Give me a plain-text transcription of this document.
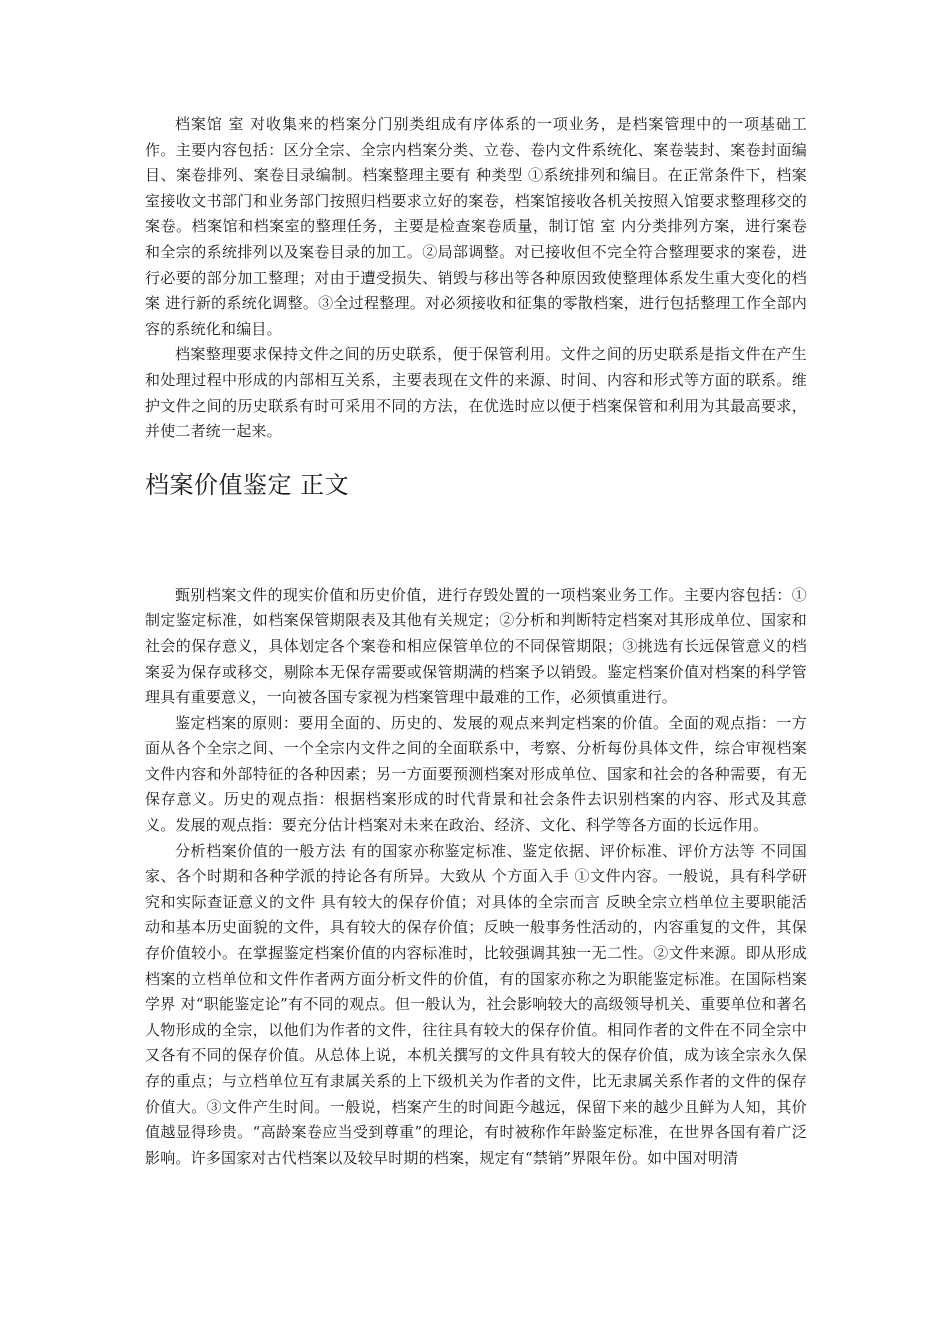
档案馆 室 对收集来的档案分门别类组成有序体系的一项业务，是档案管理中的一项基础工作。主要内容包括：区分全宗、全宗内档案分类、立卷、卷内文件系统化、案卷装封、案卷封面编目、案卷排列、案卷目录编制。档案整理主要有 种类型 ①系统排列和编目。在正常条件下，档案室接收文书部门和业务部门按照归档要求立好的案卷，档案馆接收各机关按照入馆要求整理移交的案卷。档案馆和档案室的整理任务，主要是检查案卷质量，制订馆 室 内分类排列方案，进行案卷和全宗的系统排列以及案卷目录的加工。②局部调整。对已接收但不完全符合整理要求的案卷，进行必要的部分加工整理；对由于遭受损失、销毁与移出等各种原因致使整理体系发生重大变化的档案 进行新的系统化调整。③全过程整理。对必须接收和征集的零散档案，进行包括整理工作全部内容的系统化和编目。

档案整理要求保持文件之间的历史联系，便于保管利用。文件之间的历史联系是指文件在产生和处理过程中形成的内部相互关系，主要表现在文件的来源、时间、内容和形式等方面的联系。维护文件之间的历史联系有时可采用不同的方法，在优选时应以便于档案保管和利用为其最高要求，并使二者统一起来。

档案价值鉴定 正文

甄别档案文件的现实价值和历史价值，进行存毁处置的一项档案业务工作。主要内容包括：①制定鉴定标准，如档案保管期限表及其他有关规定；②分析和判断特定档案对其形成单位、国家和社会的保存意义，具体划定各个案卷和相应保管单位的不同保管期限；③挑选有长远保管意义的档案妥为保存或移交，剔除本无保存需要或保管期满的档案予以销毁。鉴定档案价值对档案的科学管理具有重要意义，一向被各国专家视为档案管理中最难的工作，必须慎重进行。

鉴定档案的原则：要用全面的、历史的、发展的观点来判定档案的价值。全面的观点指：一方面从各个全宗之间、一个全宗内文件之间的全面联系中，考察、分析每份具体文件，综合审视档案文件内容和外部特征的各种因素；另一方面要预测档案对形成单位、国家和社会的各种需要，有无保存意义。历史的观点指：根据档案形成的时代背景和社会条件去识别档案的内容、形式及其意义。发展的观点指：要充分估计档案对未来在政治、经济、文化、科学等各方面的长远作用。

分析档案价值的一般方法 有的国家亦称鉴定标准、鉴定依据、评价标准、评价方法等 不同国家、各个时期和各种学派的持论各有所异。大致从 个方面入手 ①文件内容。一般说，具有科学研究和实际查证意义的文件 具有较大的保存价值；对具体的全宗而言 反映全宗立档单位主要职能活动和基本历史面貌的文件，具有较大的保存价值；反映一般事务性活动的，内容重复的文件，其保存价值较小。在掌握鉴定档案价值的内容标准时，比较强调其独一无二性。②文件来源。即从形成档案的立档单位和文件作者两方面分析文件的价值，有的国家亦称之为职能鉴定标准。在国际档案学界 对“职能鉴定论”有不同的观点。但一般认为，社会影响较大的高级领导机关、重要单位和著名人物形成的全宗，以他们为作者的文件，往往具有较大的保存价值。相同作者的文件在不同全宗中又各有不同的保存价值。从总体上说，本机关撰写的文件具有较大的保存价值，成为该全宗永久保存的重点；与立档单位互有隶属关系的上下级机关为作者的文件，比无隶属关系作者的文件的保存价值大。③文件产生时间。一般说，档案产生的时间距今越远，保留下来的越少且鲜为人知，其价值越显得珍贵。“高龄案卷应当受到尊重”的理论，有时被称作年龄鉴定标准，在世界各国有着广泛影响。许多国家对古代档案以及较早时期的档案，规定有“禁销”界限年份。如中国对明清
